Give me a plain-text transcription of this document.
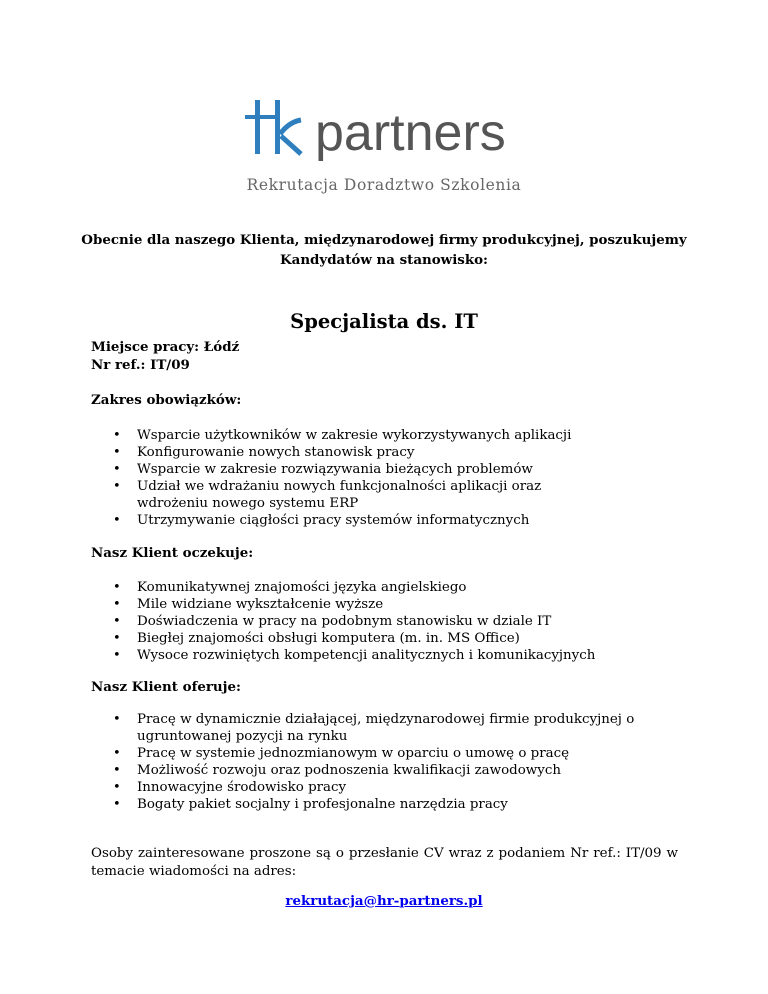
partners
Rekrutacja Doradztwo Szkolenia
Obecnie dla naszego Klienta, międzynarodowej firmy produkcyjnej, poszukujemy
Kandydatów na stanowisko:
Specjalista ds. IT
Miejsce pracy: Łódź
Nr ref.: IT/09
Zakres obowiązków:
• Wsparcie użytkowników w zakresie wykorzystywanych aplikacji
• Konfigurowanie nowych stanowisk pracy
• Wsparcie w zakresie rozwiązywania bieżących problemów
• Udział we wdrażaniu nowych funkcjonalności aplikacji oraz wdrożeniu nowego systemu ERP
• Utrzymywanie ciągłości pracy systemów informatycznych
Nasz Klient oczekuje:
• Komunikatywnej znajomości języka angielskiego
• Mile widziane wykształcenie wyższe
• Doświadczenia w pracy na podobnym stanowisku w dziale IT
• Biegłej znajomości obsługi komputera (m. in. MS Office)
• Wysoce rozwiniętych kompetencji analitycznych i komunikacyjnych
Nasz Klient oferuje:
• Pracę w dynamicznie działającej, międzynarodowej firmie produkcyjnej o ugruntowanej pozycji na rynku
• Pracę w systemie jednozmianowym w oparciu o umowę o pracę
• Możliwość rozwoju oraz podnoszenia kwalifikacji zawodowych
• Innowacyjne środowisko pracy
• Bogaty pakiet socjalny i profesjonalne narzędzia pracy
Osoby zainteresowane proszone są o przesłanie CV wraz z podaniem Nr ref.: IT/09 w temacie wiadomości na adres:
rekrutacja@hr-partners.pl
